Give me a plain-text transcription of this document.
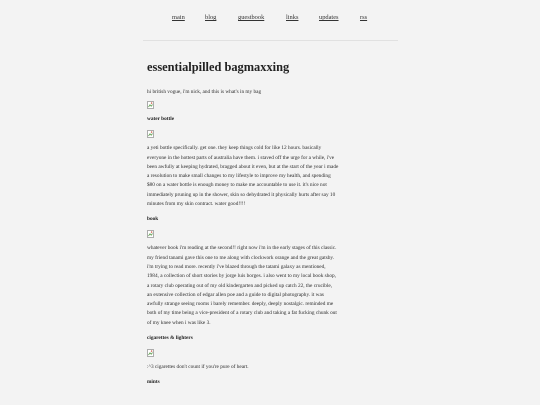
main	blog	guestbook	links	updates	rss
essentialpilled bagmaxxing

hi british vogue, i'm nick, and this is what's in my bag

water bottle

a yeti bottle specifically. get one. they keep things cold for like 12 hours. basically
everyone in the hottest parts of australia have them. i staved off the urge for a while, i've
been awfully at keeping hydrated, bragged about it even, but at the start of the year i made
a resolution to make small changes to my lifestyle to improve my health, and spending
$80 on a water bottle is enough money to make me accountable to use it. it's nice not
immediately pruning up in the shower, skin so dehydrated it physically hurts after say 10
minutes from my skin contract. water good!!!!

book

whatever book i'm reading at the second!! right now i'm in the early stages of this classic.
my friend tanami gave this one to me along with clockwork orange and the great gatsby.
i'm trying to read more. recently i've blazed through the tatami galaxy as mentioned,
1984, a collection of short stories by jorge luis borges. i also went to my local book shop,
a rotary club operating out of my old kindergarten and picked up catch 22, the crucible,
an extensive collection of edgar allen poe and a guide to digital photography. it was
awfully strange seeing rooms i barely remember. deeply, deeply nostalgic. reminded me
both of my time being a vice-president of a rotary club and taking a fat fucking chunk out
of my knee when i was like 3.

cigarettes & lighters

:^3 cigarettes don't count if you're pure of heart.

mints
